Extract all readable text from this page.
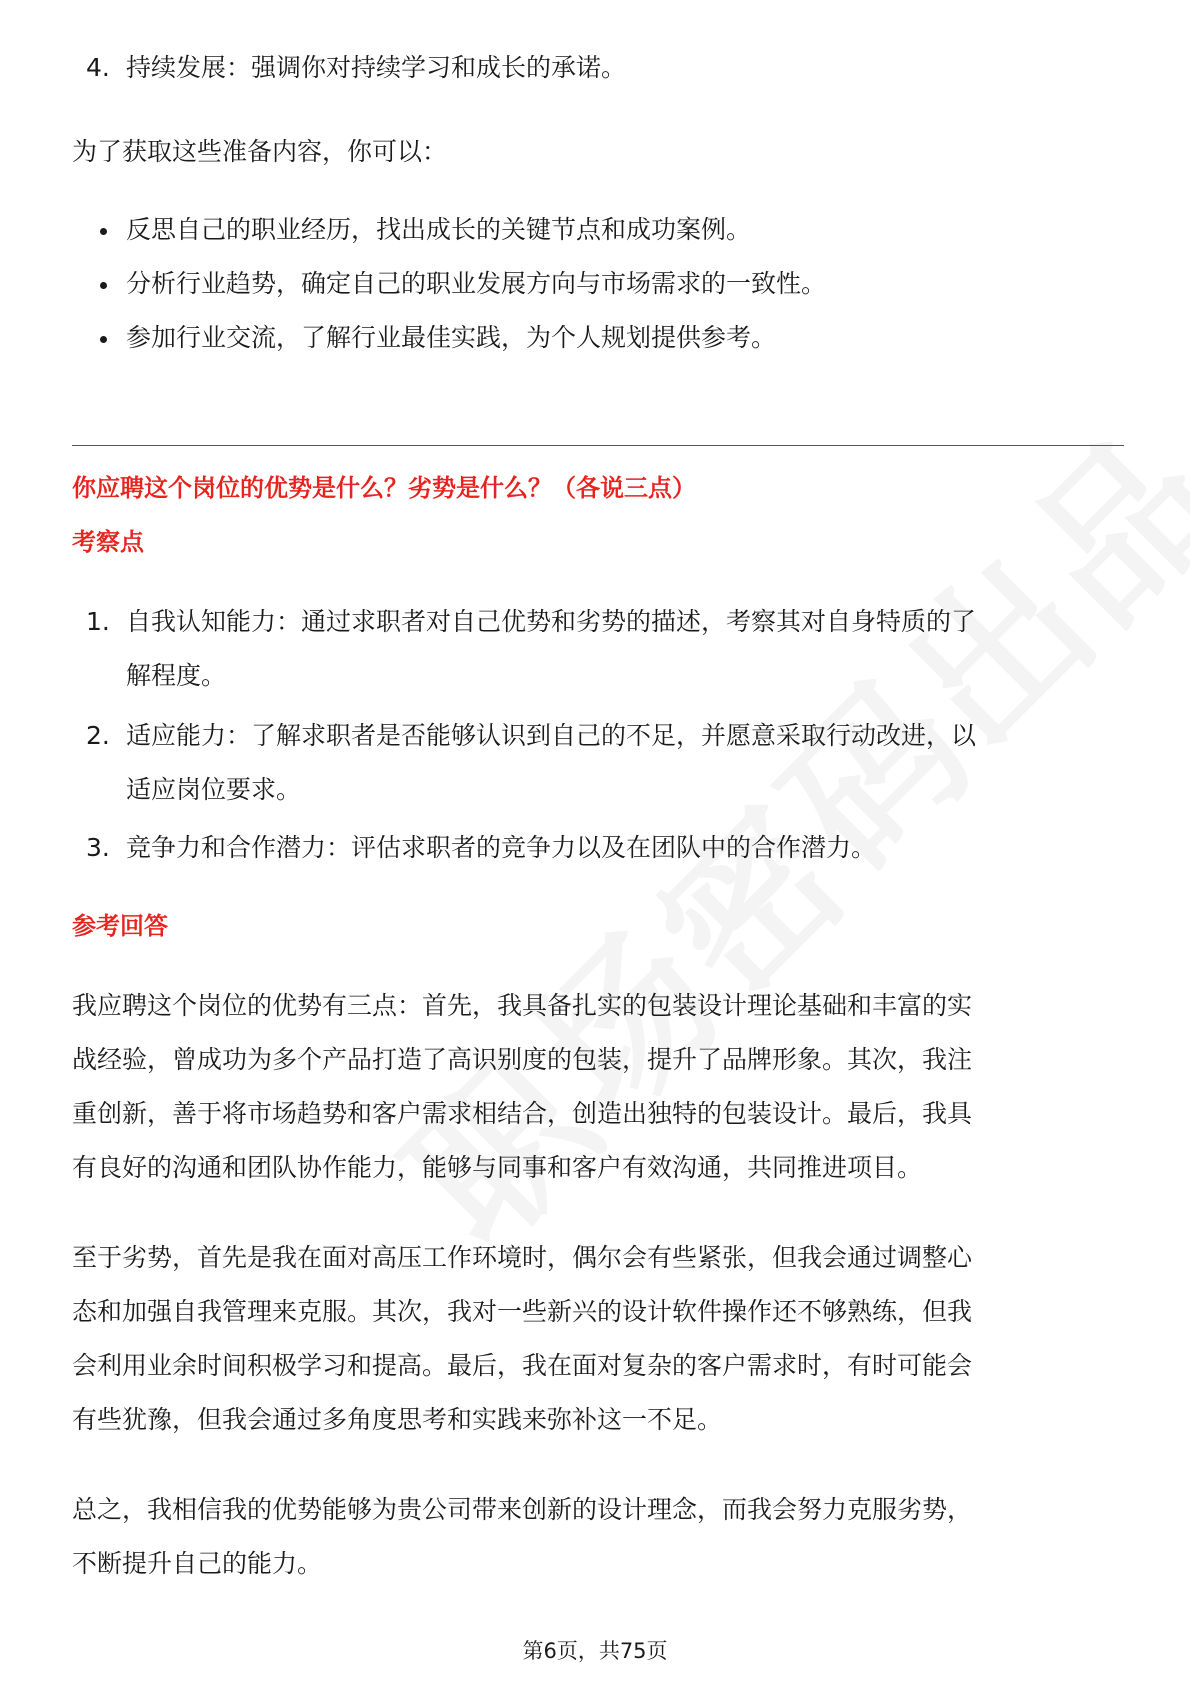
4. 持续发展：强调你对持续学习和成长的承诺。
为了获取这些准备内容，你可以：
反思自己的职业经历，找出成长的关键节点和成功案例。
分析行业趋势，确定自己的职业发展方向与市场需求的一致性。
参加行业交流，了解行业最佳实践，为个人规划提供参考。
你应聘这个岗位的优势是什么？劣势是什么？（各说三点）
考察点
1. 自我认知能力：通过求职者对自己优势和劣势的描述，考察其对自身特质的了
解程度。
2. 适应能力：了解求职者是否能够认识到自己的不足，并愿意采取行动改进，以
适应岗位要求。
3. 竞争力和合作潜力：评估求职者的竞争力以及在团队中的合作潜力。
参考回答
我应聘这个岗位的优势有三点：首先，我具备扎实的包装设计理论基础和丰富的实
战经验，曾成功为多个产品打造了高识别度的包装，提升了品牌形象。其次，我注
重创新，善于将市场趋势和客户需求相结合，创造出独特的包装设计。最后，我具
有良好的沟通和团队协作能力，能够与同事和客户有效沟通，共同推进项目。
至于劣势，首先是我在面对高压工作环境时，偶尔会有些紧张，但我会通过调整心
态和加强自我管理来克服。其次，我对一些新兴的设计软件操作还不够熟练，但我
会利用业余时间积极学习和提高。最后，我在面对复杂的客户需求时，有时可能会
有些犹豫，但我会通过多角度思考和实践来弥补这一不足。
总之，我相信我的优势能够为贵公司带来创新的设计理念，而我会努力克服劣势，
不断提升自己的能力。
第6页，共75页
